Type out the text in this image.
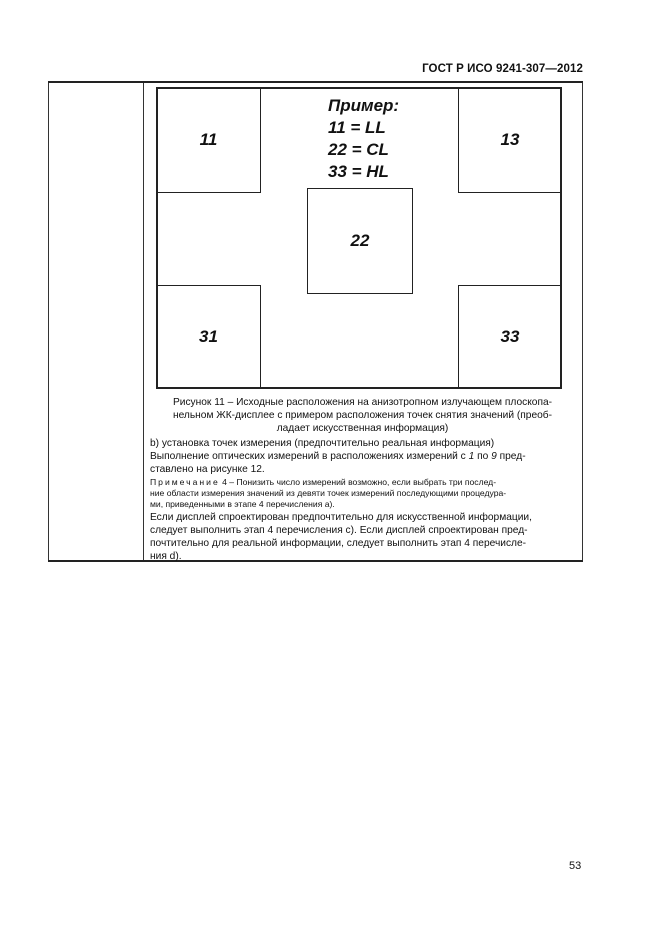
ГОСТ Р ИСО 9241-307—2012
11	13
22
31	33
Пример:
11 = LL
22 = CL
33 = HL
Рисунок 11 – Исходные расположения на анизотропном излучающем плоскопа-
нельном ЖК-дисплее с примером расположения точек снятия значений (преоб-
ладает искусственная информация)
b) установка точек измерения (предпочтительно реальная информация)
Выполнение оптических измерений в расположениях измерений с 1 по 9 пред-
ставлено на рисунке 12.
Примечание 4 – Понизить число измерений возможно, если выбрать три послед-
ние области измерения значений из девяти точек измерений последующими процедура-
ми, приведенными в этапе 4 перечисления а).
Если дисплей спроектирован предпочтительно для искусственной информации,
следует выполнить этап 4 перечисления с). Если дисплей спроектирован пред-
почтительно для реальной информации, следует выполнить этап 4 перечисле-
ния d).
53
